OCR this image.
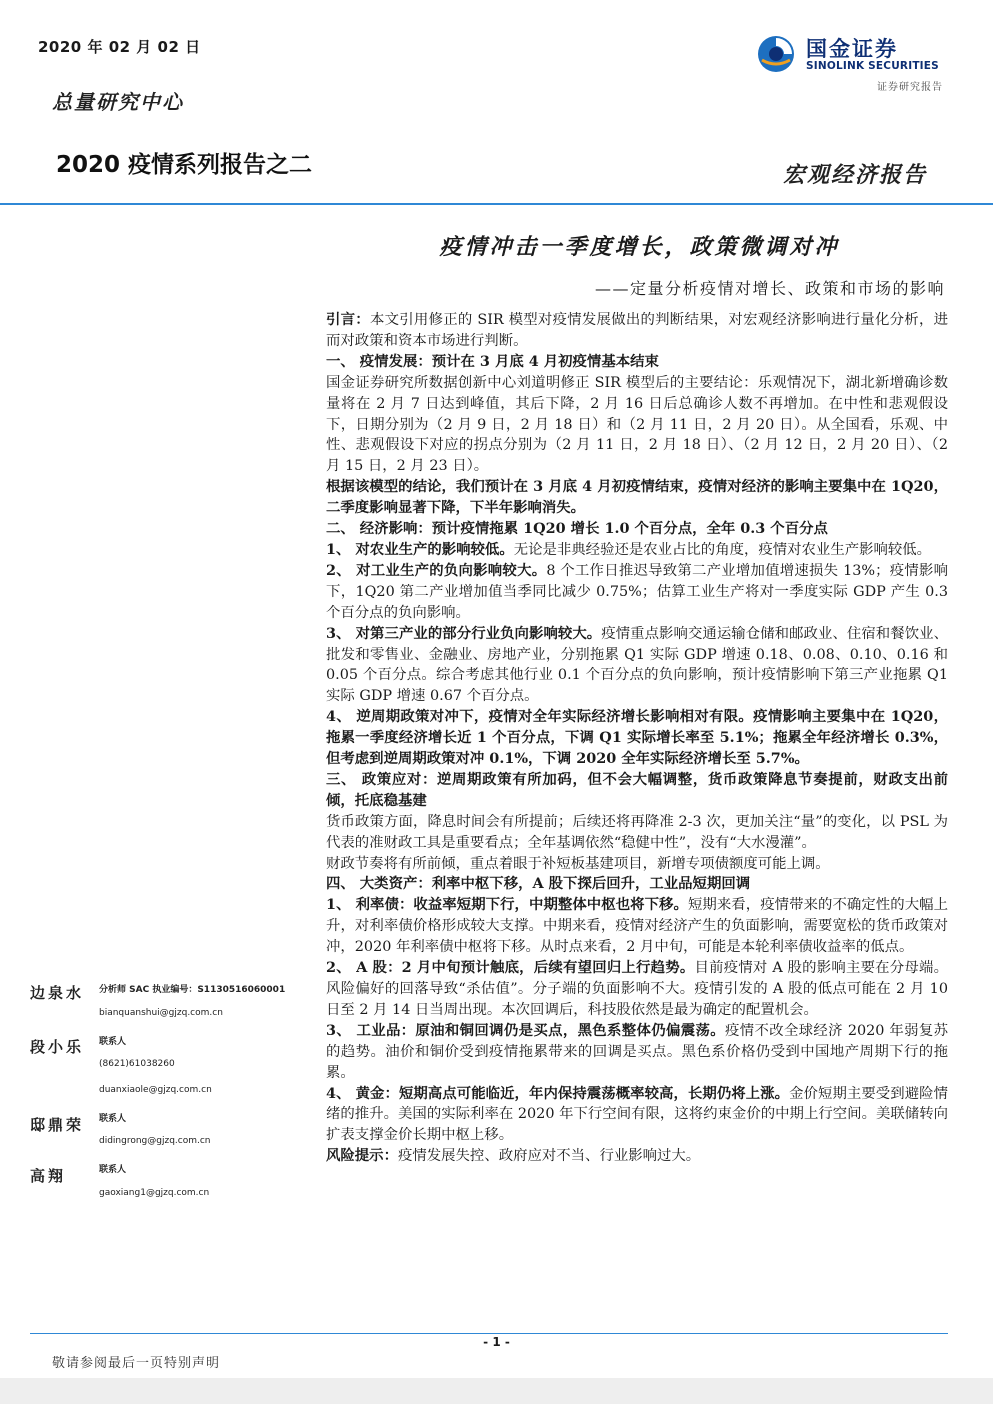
2020 年 02 月 02 日
总量研究中心
2020 疫情系列报告之二	宏观经济报告
国金证券
SINOLINK SECURITIES
证券研究报告
疫情冲击一季度增长，政策微调对冲
——定量分析疫情对增长、政策和市场的影响

引言：本文引用修正的 SIR 模型对疫情发展做出的判断结果，对宏观经济影响进行量化分析，进而对政策和资本市场进行判断。

一、 疫情发展：预计在 3 月底 4 月初疫情基本结束

国金证券研究所数据创新中心刘道明修正 SIR 模型后的主要结论：乐观情况下，湖北新增确诊数量将在 2 月 7 日达到峰值，其后下降，2 月 16 日后总确诊人数不再增加。在中性和悲观假设下，日期分别为（2 月 9 日，2 月 18 日）和（2 月 11 日，2 月 20 日）。从全国看，乐观、中性、悲观假设下对应的拐点分别为（2 月 11 日，2 月 18 日）、（2 月 12 日，2 月 20 日）、（2 月 15 日，2 月 23 日）。

根据该模型的结论，我们预计在 3 月底 4 月初疫情结束，疫情对经济的影响主要集中在 1Q20，二季度影响显著下降，下半年影响消失。

二、 经济影响：预计疫情拖累 1Q20 增长 1.0 个百分点，全年 0.3 个百分点

1、 对农业生产的影响较低。无论是非典经验还是农业占比的角度，疫情对农业生产影响较低。

2、 对工业生产的负向影响较大。8 个工作日推迟导致第二产业增加值增速损失 13%；疫情影响下，1Q20 第二产业增加值当季同比减少 0.75%；估算工业生产将对一季度实际 GDP 产生 0.3 个百分点的负向影响。

3、 对第三产业的部分行业负向影响较大。疫情重点影响交通运输仓储和邮政业、住宿和餐饮业、批发和零售业、金融业、房地产业，分别拖累 Q1 实际 GDP 增速 0.18、0.08、0.10、0.16 和 0.05 个百分点。综合考虑其他行业 0.1 个百分点的负向影响，预计疫情影响下第三产业拖累 Q1 实际 GDP 增速 0.67 个百分点。

4、 逆周期政策对冲下，疫情对全年实际经济增长影响相对有限。疫情影响主要集中在 1Q20，拖累一季度经济增长近 1 个百分点，下调 Q1 实际增长率至 5.1%；拖累全年经济增长 0.3%，但考虑到逆周期政策对冲 0.1%，下调 2020 全年实际经济增长至 5.7%。

三、 政策应对：逆周期政策有所加码，但不会大幅调整，货币政策降息节奏提前，财政支出前倾，托底稳基建

货币政策方面，降息时间会有所提前；后续还将再降准 2-3 次，更加关注“量”的变化，以 PSL 为代表的准财政工具是重要看点；全年基调依然“稳健中性”，没有“大水漫灌”。

财政节奏将有所前倾，重点着眼于补短板基建项目，新增专项债额度可能上调。

四、 大类资产：利率中枢下移，A 股下探后回升，工业品短期回调

1、 利率债：收益率短期下行，中期整体中枢也将下移。短期来看，疫情带来的不确定性的大幅上升，对利率债价格形成较大支撑。中期来看，疫情对经济产生的负面影响，需要宽松的货币政策对冲，2020 年利率债中枢将下移。从时点来看，2 月中旬，可能是本轮利率债收益率的低点。

2、 A 股：2 月中旬预计触底，后续有望回归上行趋势。目前疫情对 A 股的影响主要在分母端。风险偏好的回落导致“杀估值”。分子端的负面影响不大。疫情引发的 A 股的低点可能在 2 月 10 日至 2 月 14 日当周出现。本次回调后，科技股依然是最为确定的配置机会。

3、 工业品：原油和铜回调仍是买点，黑色系整体仍偏震荡。疫情不改全球经济 2020 年弱复苏的趋势。油价和铜价受到疫情拖累带来的回调是买点。黑色系价格仍受到中国地产周期下行的拖累。

4、 黄金：短期高点可能临近，年内保持震荡概率较高，长期仍将上涨。金价短期主要受到避险情绪的推升。美国的实际利率在 2020 年下行空间有限，这将约束金价的中期上行空间。美联储转向扩表支撑金价长期中枢上移。

风险提示：疫情发展失控、政府应对不当、行业影响过大。

边泉水 分析师 SAC 执业编号：S1130516060001
bianquanshui@gjzq.com.cn
段小乐 联系人
(8621)61038260
duanxiaole@gjzq.com.cn
邸鼎荣 联系人
didingrong@gjzq.com.cn
高翔	联系人
gaoxiang1@gjzq.com.cn
- 1 -
敬请参阅最后一页特别声明
